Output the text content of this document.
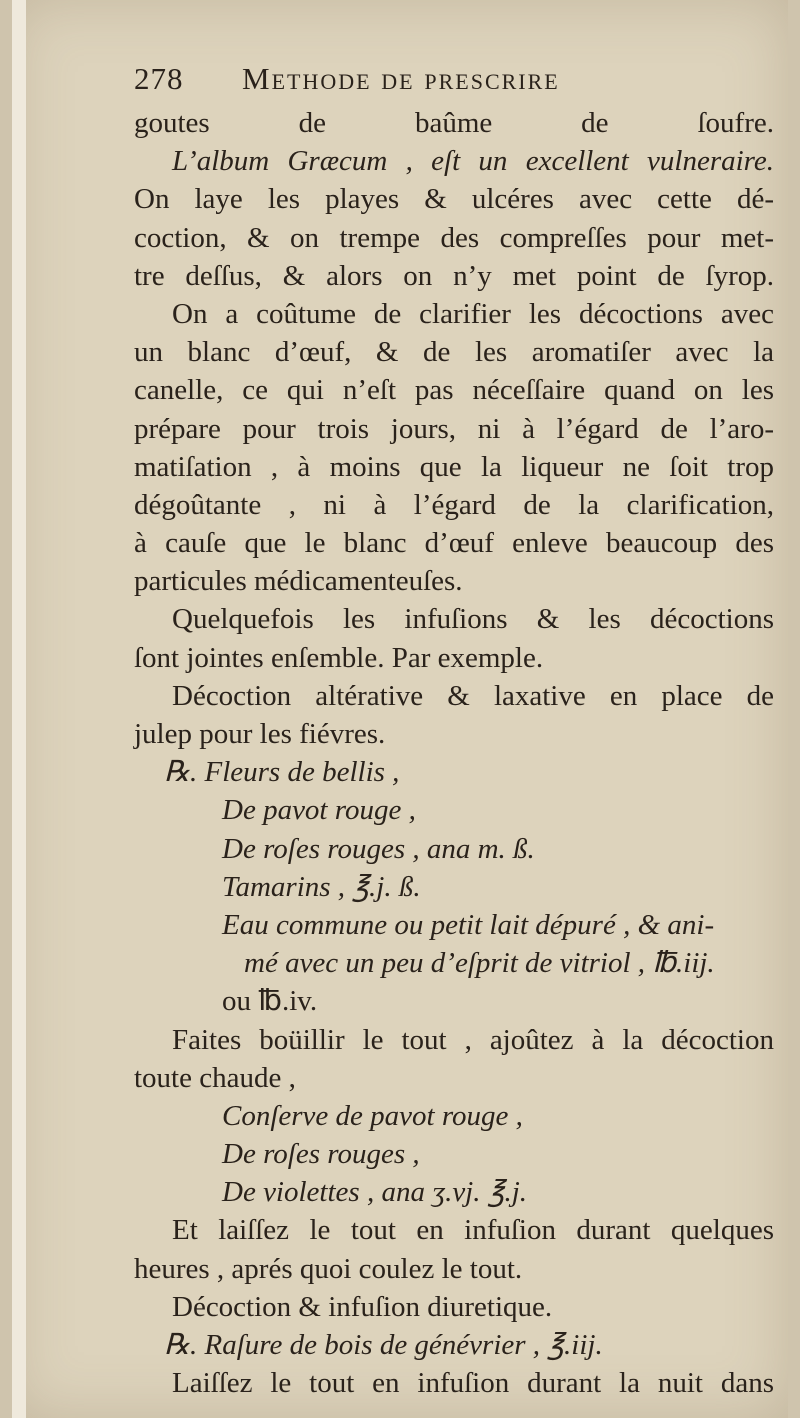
278	Methode de prescrire
goutes de baûme de ſoufre.
L’album Græcum , eſt un excellent vulneraire.
On laye les playes & ulcéres avec cette dé-
coction, & on trempe des compreſſes pour met-
tre deſſus, & alors on n’y met point de ſyrop.
On a coûtume de clarifier les décoctions avec
un blanc d’œuf, & de les aromatiſer avec la
canelle, ce qui n’eſt pas néceſſaire quand on les
prépare pour trois jours, ni à l’égard de l’aro-
matiſation , à moins que la liqueur ne ſoit trop
dégoûtante , ni à l’égard de la clarification,
à cauſe que le blanc d’œuf enleve beaucoup des
particules médicamenteuſes.
Quelquefois les infuſions & les décoctions
ſont jointes enſemble. Par exemple.
Décoction altérative & laxative en place de
julep pour les fiévres.
℞. Fleurs de bellis ,
De pavot rouge ,
De roſes rouges , ana m. ß.
Tamarins , ℥.j. ß.
Eau commune ou petit lait dépuré , & ani-
mé avec un peu d’eſprit de vitriol , ℔.iij.
ou ℔.iv.
Faites boüillir le tout , ajoûtez à la décoction
toute chaude ,
Conſerve de pavot rouge ,
De roſes rouges ,
De violettes , ana ʒ.vj. ℥.j.
Et laiſſez le tout en infuſion durant quelques
heures , aprés quoi coulez le tout.
Décoction & infuſion diuretique.
℞. Raſure de bois de génévrier , ℥.iij.
Laiſſez le tout en infuſion durant la nuit dans
